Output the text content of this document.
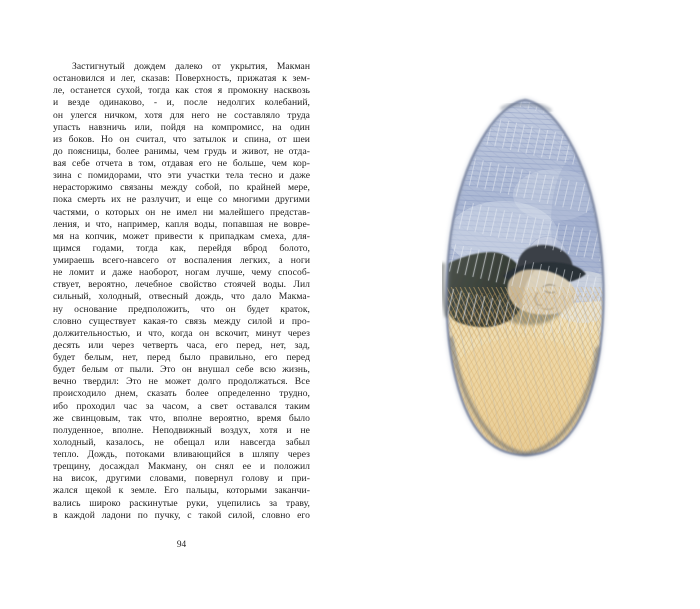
Застигнутый дождем далеко от укрытия, Макман
остановился и лег, сказав: Поверхность, прижатая к зем-
ле, останется сухой, тогда как стоя я промокну насквозь
и везде одинаково, - и, после недолгих колебаний,
он улегся ничком, хотя для него не составляло труда
упасть навзничь или, пойдя на компромисс, на один
из боков. Но он считал, что затылок и спина, от шеи
до поясницы, более ранимы, чем грудь и живот, не отда-
вая себе отчета в том, отдавая его не больше, чем кор-
зина с помидорами, что эти участки тела тесно и даже
нерасторжимо связаны между собой, по крайней мере,
пока смерть их не разлучит, и еще со многими другими
частями, о которых он не имел ни малейшего представ-
ления, и что, например, капля воды, попавшая не вовре-
мя на копчик, может привести к припадкам смеха, для-
щимся годами, тогда как, перейдя вброд болото,
умираешь всего-навсего от воспаления легких, а ноги
не ломит и даже наоборот, ногам лучше, чему способ-
ствует, вероятно, лечебное свойство стоячей воды. Лил
сильный, холодный, отвесный дождь, что дало Макма-
ну основание предположить, что он будет краток,
словно существует какая-то связь между силой и про-
должительностью, и что, когда он вскочит, минут через
десять или через четверть часа, его перед, нет, зад,
будет белым, нет, перед было правильно, его перед
будет белым от пыли. Это он внушал себе всю жизнь,
вечно твердил: Это не может долго продолжаться. Все
происходило днем, сказать более определенно трудно,
ибо проходил час за часом, а свет оставался таким
же свинцовым, так что, вполне вероятно, время было
полуденное, вполне. Неподвижный воздух, хотя и не
холодный, казалось, не обещал или навсегда забыл
тепло. Дождь, потоками вливающийся в шляпу через
трещину, досаждал Макману, он снял ее и положил
на висок, другими словами, повернул голову и при-
жался щекой к земле. Его пальцы, которыми заканчи-
вались широко раскинутые руки, уцепились за траву,
в каждой ладони по пучку, с такой силой, словно его
94
